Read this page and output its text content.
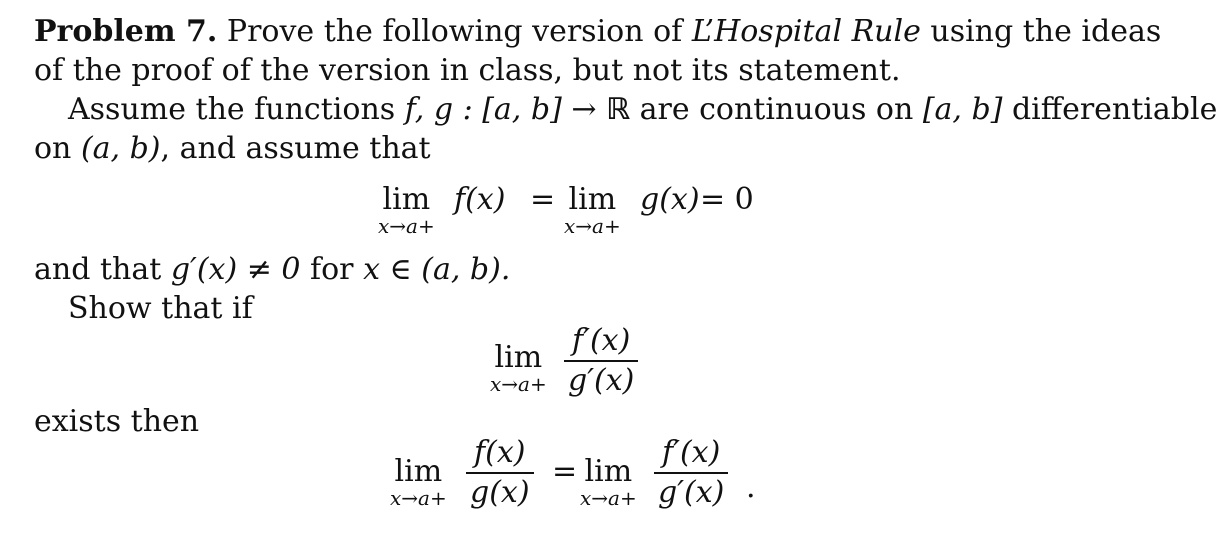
Problem 7. Prove the following version of L’Hospital Rule using the ideas
of the proof of the version in class, but not its statement.
Assume the functions f, g : [a, b] → ℝ are continuous on [a, b] differentiable
on (a, b), and assume that
lim
x→a+
f(x) = lim
x→a+
g(x) = 0
and that g′(x) ≠ 0 for x ∈ (a, b).
Show that if
lim
x→a+
f′(x)
g′(x)
exists then
lim
x→a+
f(x)
g(x)
= lim
x→a+
f′(x)
g′(x) .
